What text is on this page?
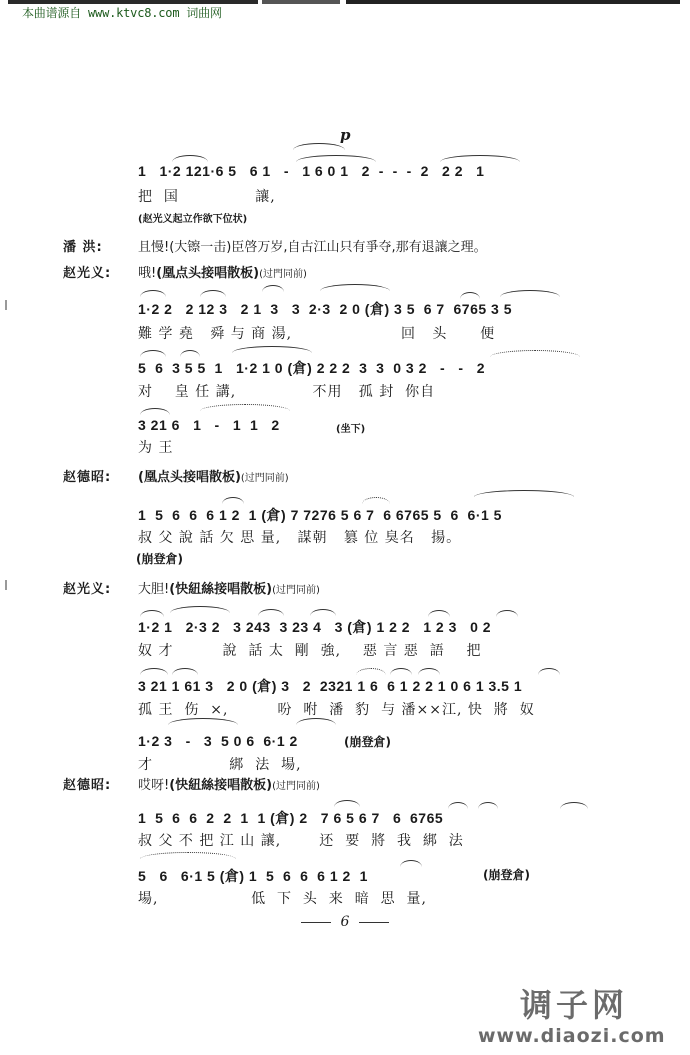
本曲谱源自 www.ktvc8.com 词曲网
p
1   1·2 121·6 5   6 1   -   1 6 0 1   2  -  -  -  2   2 2   1
把  国              讓,
(赵光义起立作欲下位状)
潘 洪:	且慢!(大镲一击)臣啓万岁,自古江山只有爭夺,那有退讓之理。
赵光义: 哦!(凰点头接唱散板)(过門同前)
1·2 2   2 12 3   2 1  3   3  2·3  2 0 (倉) 3 5  6 7  6765 3 5
難 学 堯   舜 与 商 湯,                    回   头      便
5  6  3 5 5  1   1·2 1 0 (倉) 2 2 2  3  3  0 3 2   -   -   2
对    皇 任 講,              不用   孤 封  你自
3 21 6   1   -   1  1   2	(坐下)
为 王
赵德昭: (凰点头接唱散板)(过門同前)
1  5  6  6  6 1 2  1 (倉) 7 7276 5 6 7  6 6765 5  6  6·1 5
叔 父 說 話 欠 思 量,   謀朝   篡 位 臭名   揚。
(崩登倉)
赵光义: 大胆!(快紐絲接唱散板)(过門同前)
1·2 1   2·3 2   3 243  3 23 4   3 (倉) 1 2 2   1 2 3   0 2
奴 才         說  話 太  剛  強,    惡 言 惡  語    把
3 21 1 61 3   2 0 (倉) 3   2  2321 1 6  6 1 2 2 1 0 6 1 3.5 1
孤 王  伤  ×,         吩  咐  潘  豹  与 潘××江, 快  將  奴
1·2 3   -   3  5 0 6  6·1 2	(崩登倉)
才              綁  法  場,
赵德昭: 哎呀!(快紐絲接唱散板)(过門同前)
1  5  6  6  2  2  1  1 (倉) 2   7 6 5 6 7   6  6765
叔 父 不 把 江 山 讓,       还  要  將  我  綁  法
5   6   6·1 5 (倉) 1  5  6  6  6 1 2  1	(崩登倉)
場,                 低  下  头  来  暗  思  量,
6
调子网
www.diaozi.com
